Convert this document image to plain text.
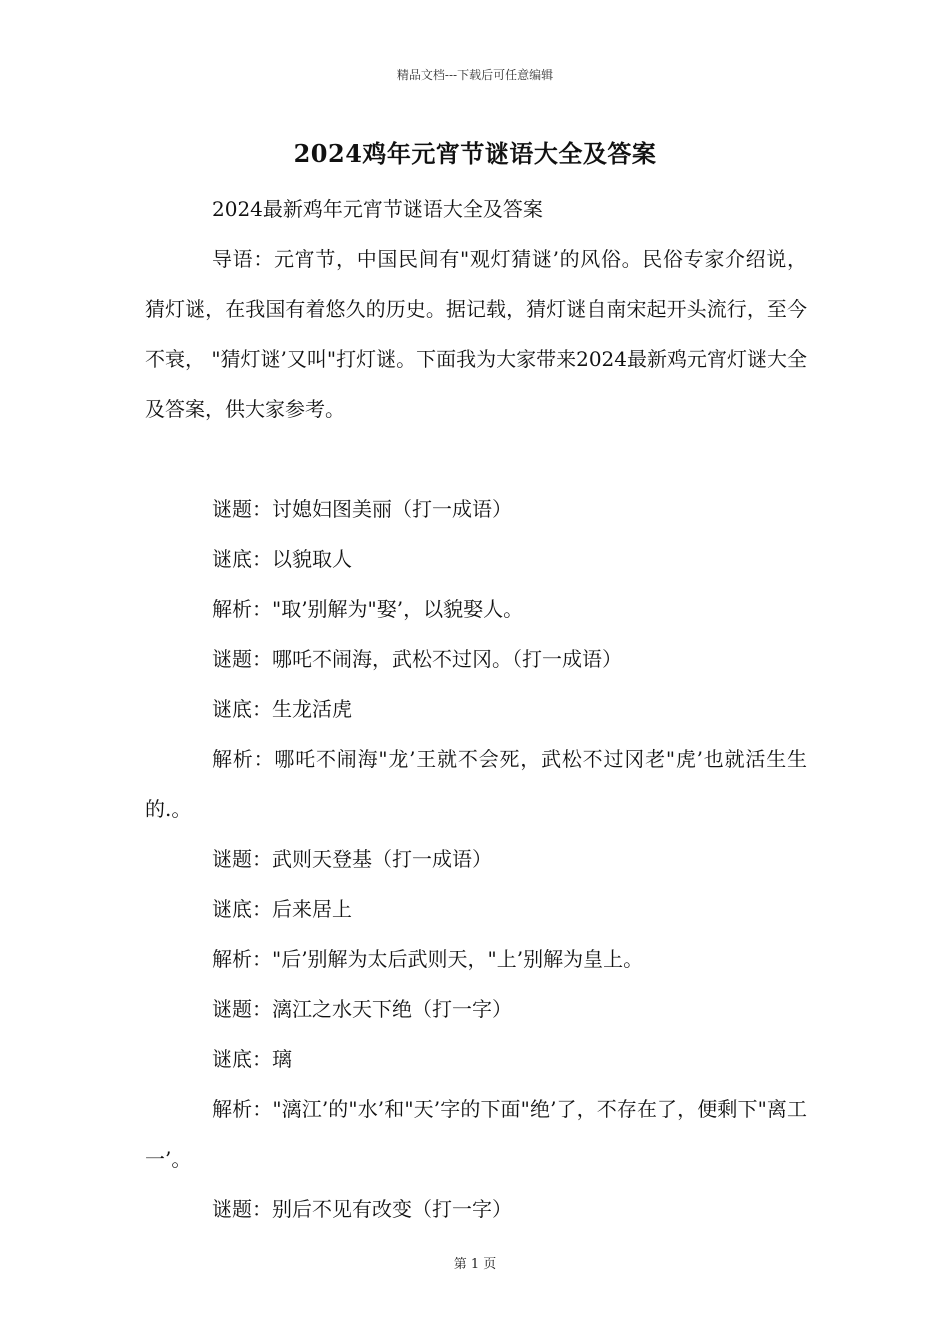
精品文档---下载后可任意编辑
2024鸡年元宵节谜语大全及答案

2024最新鸡年元宵节谜语大全及答案

导语：元宵节，中国民间有"观灯猜谜’的风俗。民俗专家介绍说，猜灯谜，在我国有着悠久的历史。据记载，猜灯谜自南宋起开头流行，至今不衰， "猜灯谜’又叫"打灯谜。下面我为大家带来2024最新鸡元宵灯谜大全及答案，供大家参考。

谜题：讨媳妇图美丽（打一成语）

谜底：以貌取人

解析："取’别解为"娶’，以貌娶人。

谜题：哪吒不闹海，武松不过冈。（打一成语）

谜底：生龙活虎

解析：哪吒不闹海"龙’王就不会死，武松不过冈老"虎’也就活生生的.。

谜题：武则天登基（打一成语）

谜底：后来居上

解析："后’别解为太后武则天，"上’别解为皇上。

谜题：漓江之水天下绝（打一字）

谜底：璃

解析："漓江’的"水’和"天’字的下面"绝’了，不存在了，便剩下"离工一’。

谜题：别后不见有改变（打一字）

第 1 页
